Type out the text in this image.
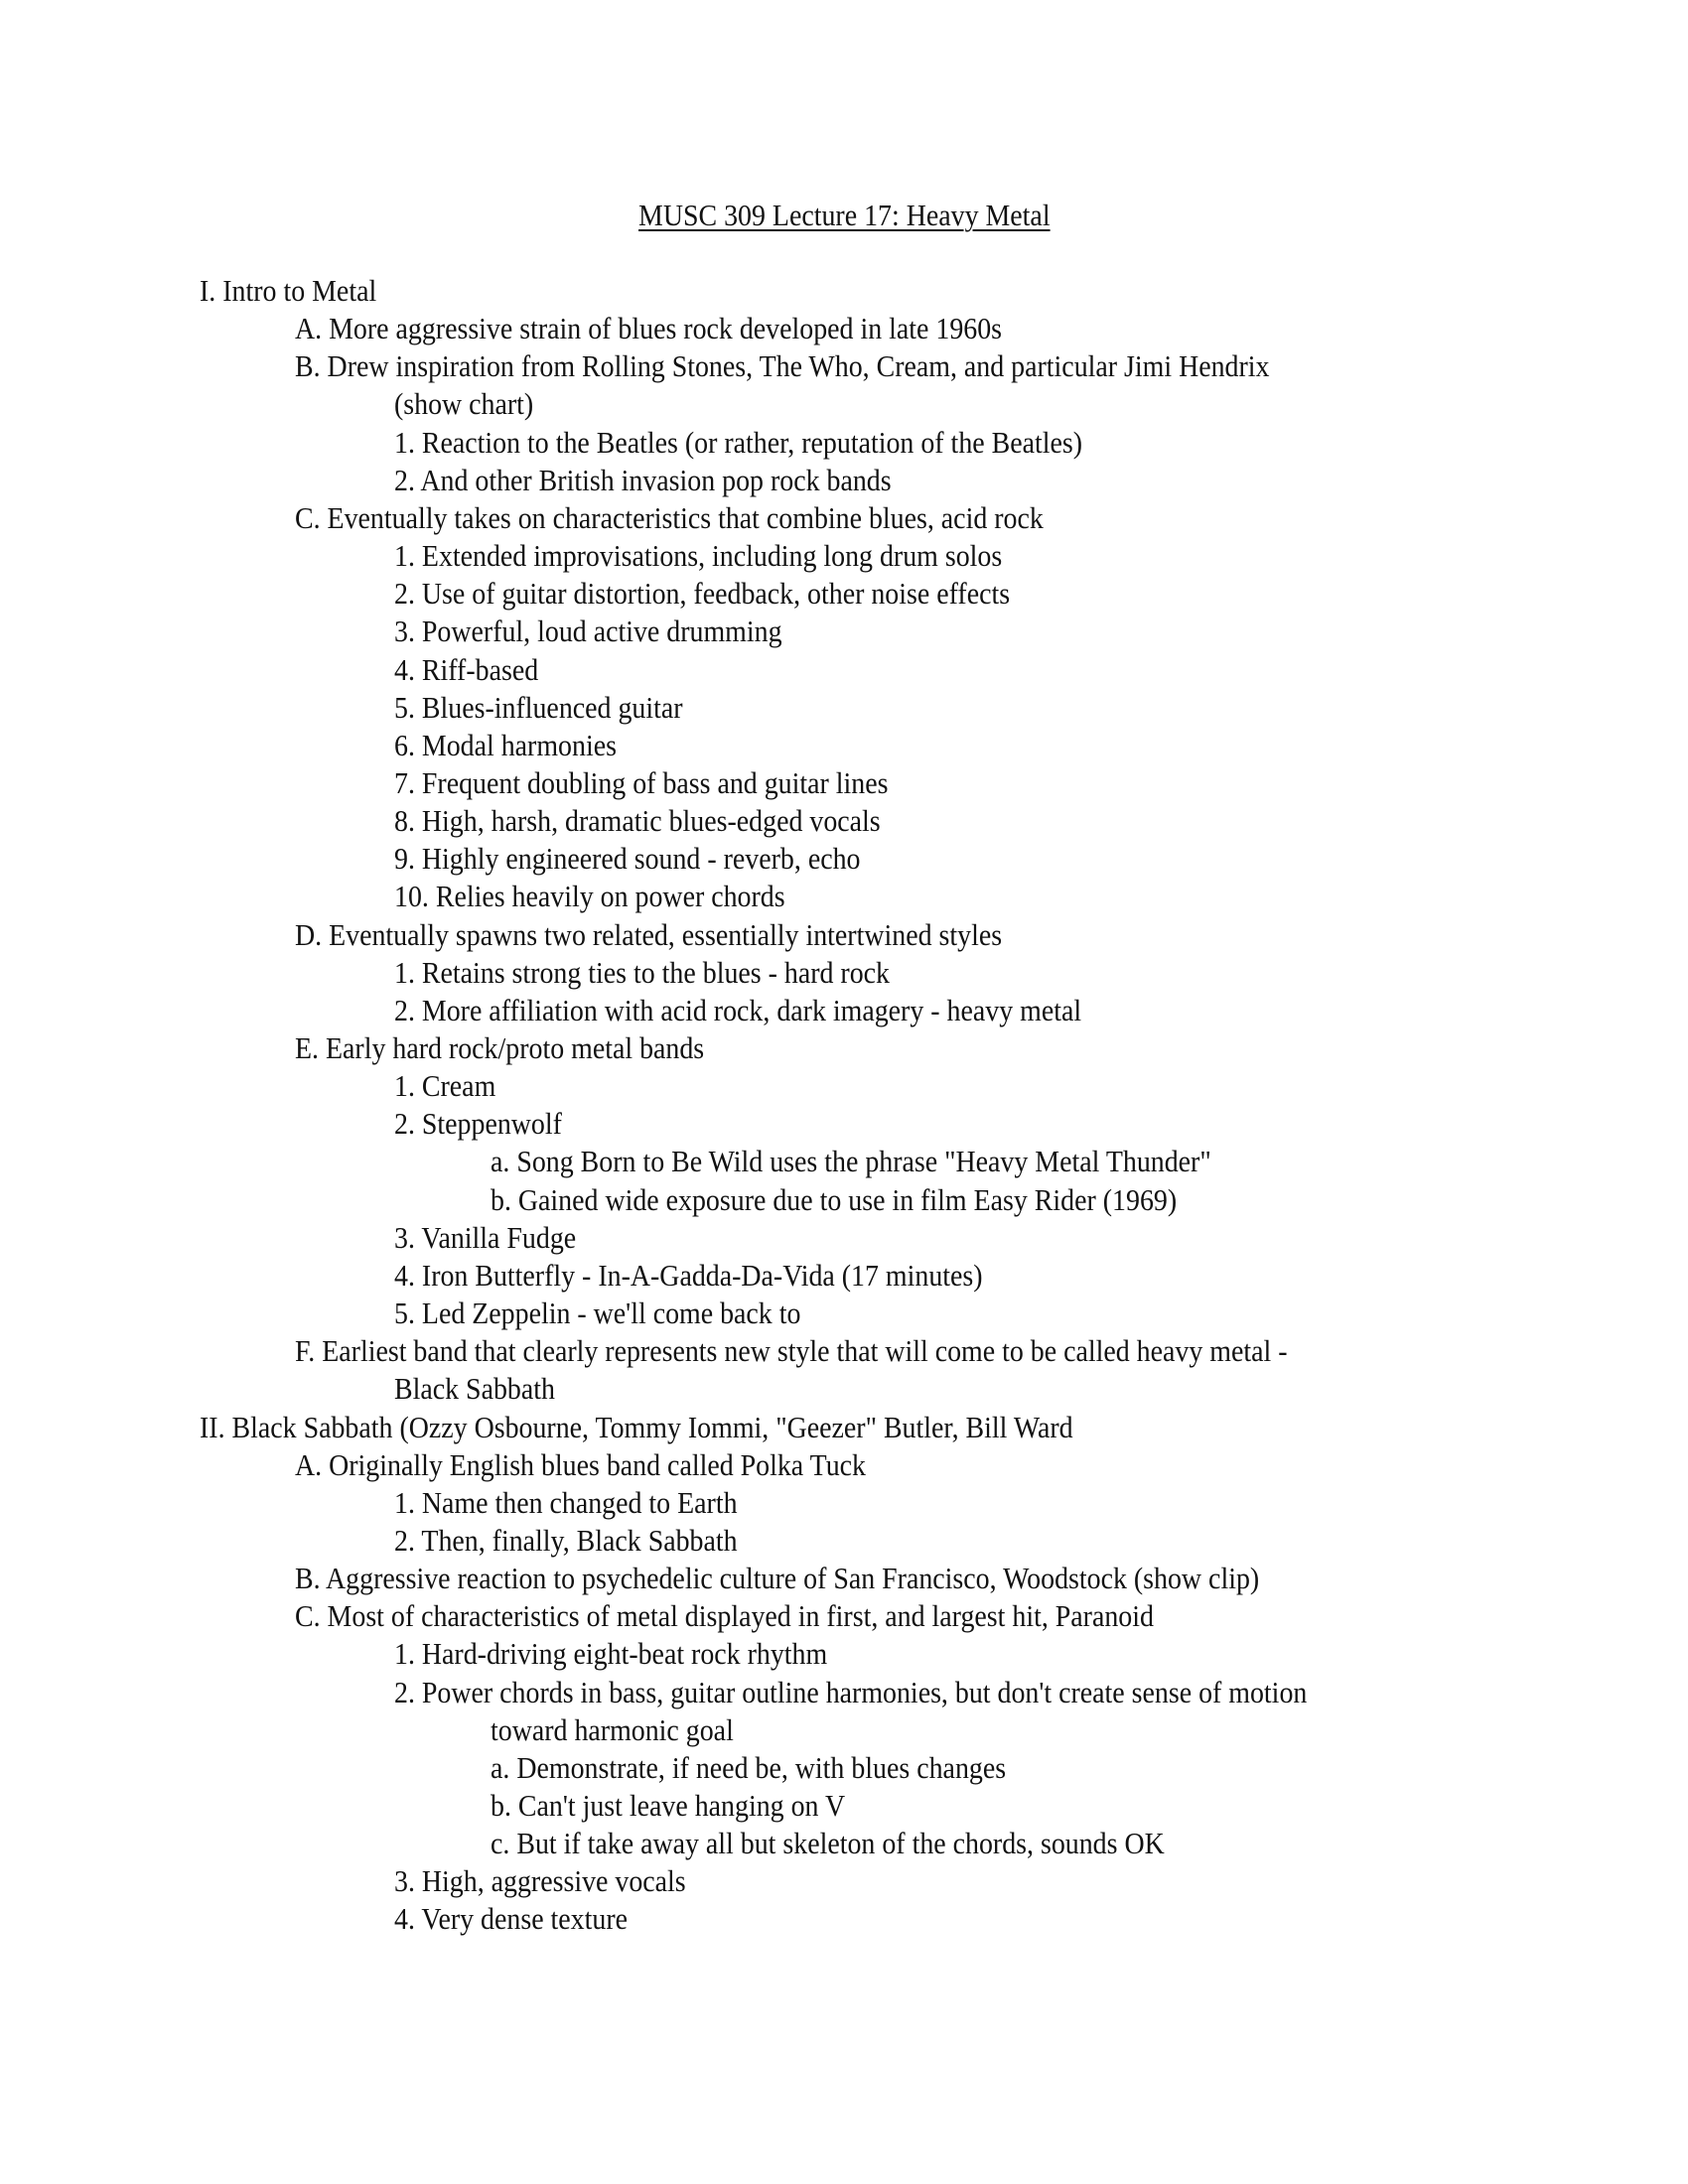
MUSC 309 Lecture 17: Heavy Metal
I. Intro to Metal
A. More aggressive strain of blues rock developed in late 1960s
B. Drew inspiration from Rolling Stones, The Who, Cream, and particular Jimi Hendrix
(show chart)
1. Reaction to the Beatles (or rather, reputation of the Beatles)
2. And other British invasion pop rock bands
C. Eventually takes on characteristics that combine blues, acid rock
1. Extended improvisations, including long drum solos
2. Use of guitar distortion, feedback, other noise effects
3. Powerful, loud active drumming
4. Riff-based
5. Blues-influenced guitar
6. Modal harmonies
7. Frequent doubling of bass and guitar lines
8. High, harsh, dramatic blues-edged vocals
9. Highly engineered sound - reverb, echo
10. Relies heavily on power chords
D. Eventually spawns two related, essentially intertwined styles
1. Retains strong ties to the blues - hard rock
2. More affiliation with acid rock, dark imagery - heavy metal
E. Early hard rock/proto metal bands
1. Cream
2. Steppenwolf
a. Song Born to Be Wild uses the phrase "Heavy Metal Thunder"
b. Gained wide exposure due to use in film Easy Rider (1969)
3. Vanilla Fudge
4. Iron Butterfly - In-A-Gadda-Da-Vida (17 minutes)
5. Led Zeppelin - we'll come back to
F. Earliest band that clearly represents new style that will come to be called heavy metal -
Black Sabbath
II. Black Sabbath (Ozzy Osbourne, Tommy Iommi, "Geezer" Butler, Bill Ward
A. Originally English blues band called Polka Tuck
1. Name then changed to Earth
2. Then, finally, Black Sabbath
B. Aggressive reaction to psychedelic culture of San Francisco, Woodstock (show clip)
C. Most of characteristics of metal displayed in first, and largest hit, Paranoid
1. Hard-driving eight-beat rock rhythm
2. Power chords in bass, guitar outline harmonies, but don't create sense of motion
toward harmonic goal
a. Demonstrate, if need be, with blues changes
b. Can't just leave hanging on V
c. But if take away all but skeleton of the chords, sounds OK
3. High, aggressive vocals
4. Very dense texture
